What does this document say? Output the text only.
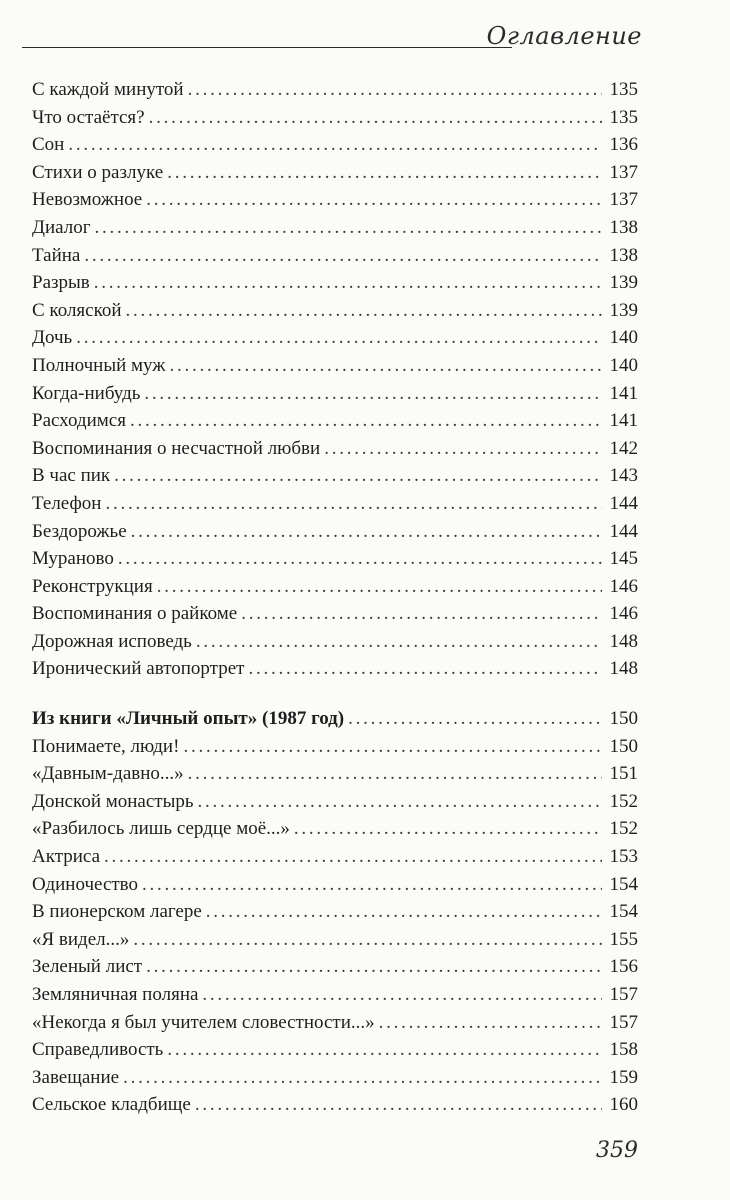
Оглавление
С каждой минутой . . .	135
Что остаётся? . . .	135
Сон . . .	136
Стихи о разлуке . . .	137
Невозможное . . .	137
Диалог . . .	138
Тайна . . .	138
Разрыв . . .	139
С коляской . . .	139
Дочь . . .	140
Полночный муж . . .	140
Когда-нибудь . . .	141
Расходимся . . .	141
Воспоминания о несчастной любви . . .	142
В час пик . . .	143
Телефон . . .	144
Бездорожье . . .	144
Мураново . . .	145
Реконструкция . . .	146
Воспоминания о райкоме . . .	146
Дорожная исповедь . . .	148
Иронический автопортрет . . .	148
Из книги «Личный опыт» (1987 год) . . .	150
Понимаете, люди! . . .	150
«Давным-давно...» . . .	151
Донской монастырь . . .	152
«Разбилось лишь сердце моё...» . . .	152
Актриса . . .	153
Одиночество . . .	154
В пионерском лагере . . .	154
«Я видел...» . . .	155
Зеленый лист . . .	156
Земляничная поляна . . .	157
«Некогда я был учителем словестности...» . . .	157
Справедливость . . .	158
Завещание . . .	159
Сельское кладбище . . .	160
359
